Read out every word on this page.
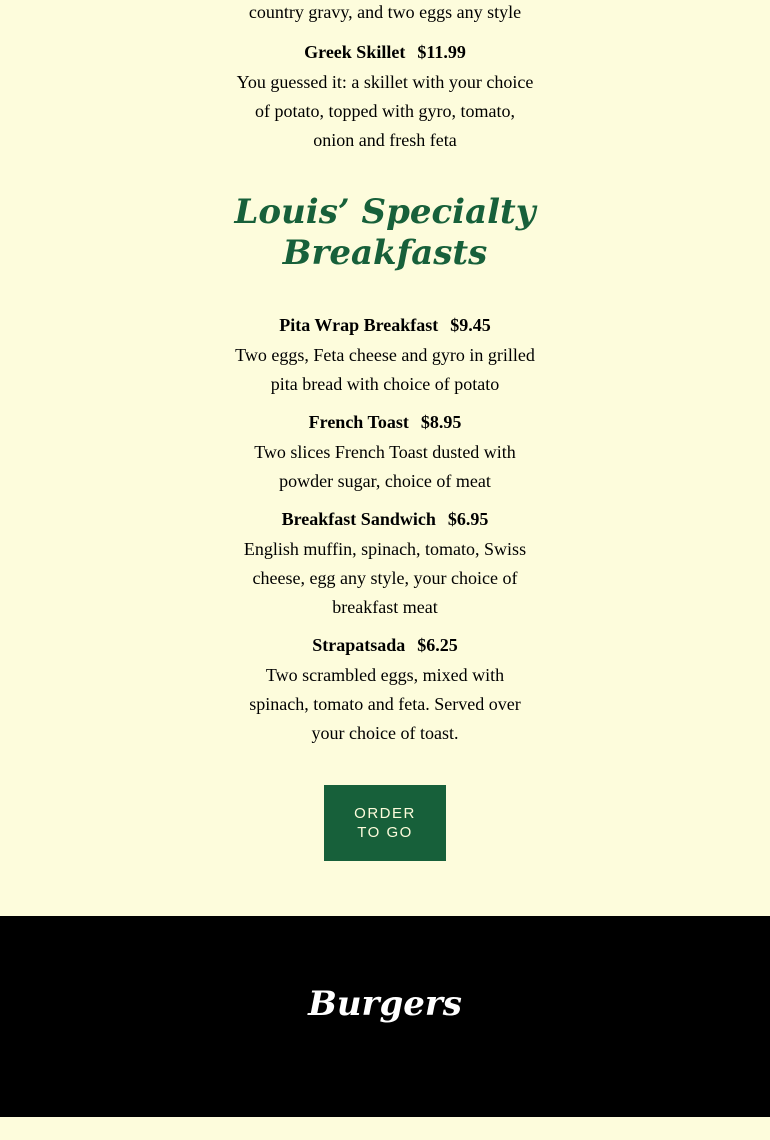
country gravy, and two eggs any style

Greek Skillet $11.99

You guessed it: a skillet with your choice of potato, topped with gyro, tomato, onion and fresh feta
Louis’ Specialty
Breakfasts

Pita Wrap Breakfast $9.45

Two eggs, Feta cheese and gyro in grilled pita bread with choice of potato

French Toast $8.95

Two slices French Toast dusted with powder sugar, choice of meat

Breakfast Sandwich $6.95

English muffin, spinach, tomato, Swiss cheese, egg any style, your choice of breakfast meat

Strapatsada $6.25

Two scrambled eggs, mixed with spinach, tomato and feta. Served over your choice of toast.
ORDER TO GO
Burgers
